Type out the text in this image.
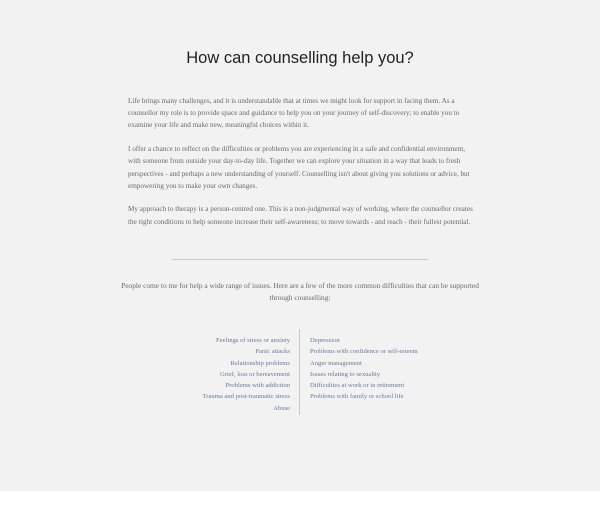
How can counselling help you?

Life brings many challenges, and it is understandable that at times we might look for support in facing them. As a counsellor my role is to provide space and guidance to help you on your journey of self-discovery; to enable you to examine your life and make new, meaningful choices within it.

I offer a chance to reflect on the difficulties or problems you are experiencing in a safe and confidential environment, with someone from outside your day-to-day life. Together we can explore your situation in a way that leads to fresh perspectives - and perhaps a new understanding of yourself. Counselling isn't about giving you solutions or advice, but empowering you to make your own changes.

My approach to therapy is a person-centred one. This is a non-judgmental way of working, where the counsellor creates the right conditions to help someone increase their self-awareness; to move towards - and reach - their fullest potential.

People come to me for help a wide range of issues. Here are a few of the more common difficulties that can be supported through counselling:

Feelings of stress or anxiety
Panic attacks
Relationship problems
Grief, loss or bereavement
Problems with addiction
Trauma and post-traumatic stress
Abuse
Depression
Problems with confidence or self-esteem
Anger management
Issues relating to sexuality
Difficulties at work or in retirement
Problems with family or school life
